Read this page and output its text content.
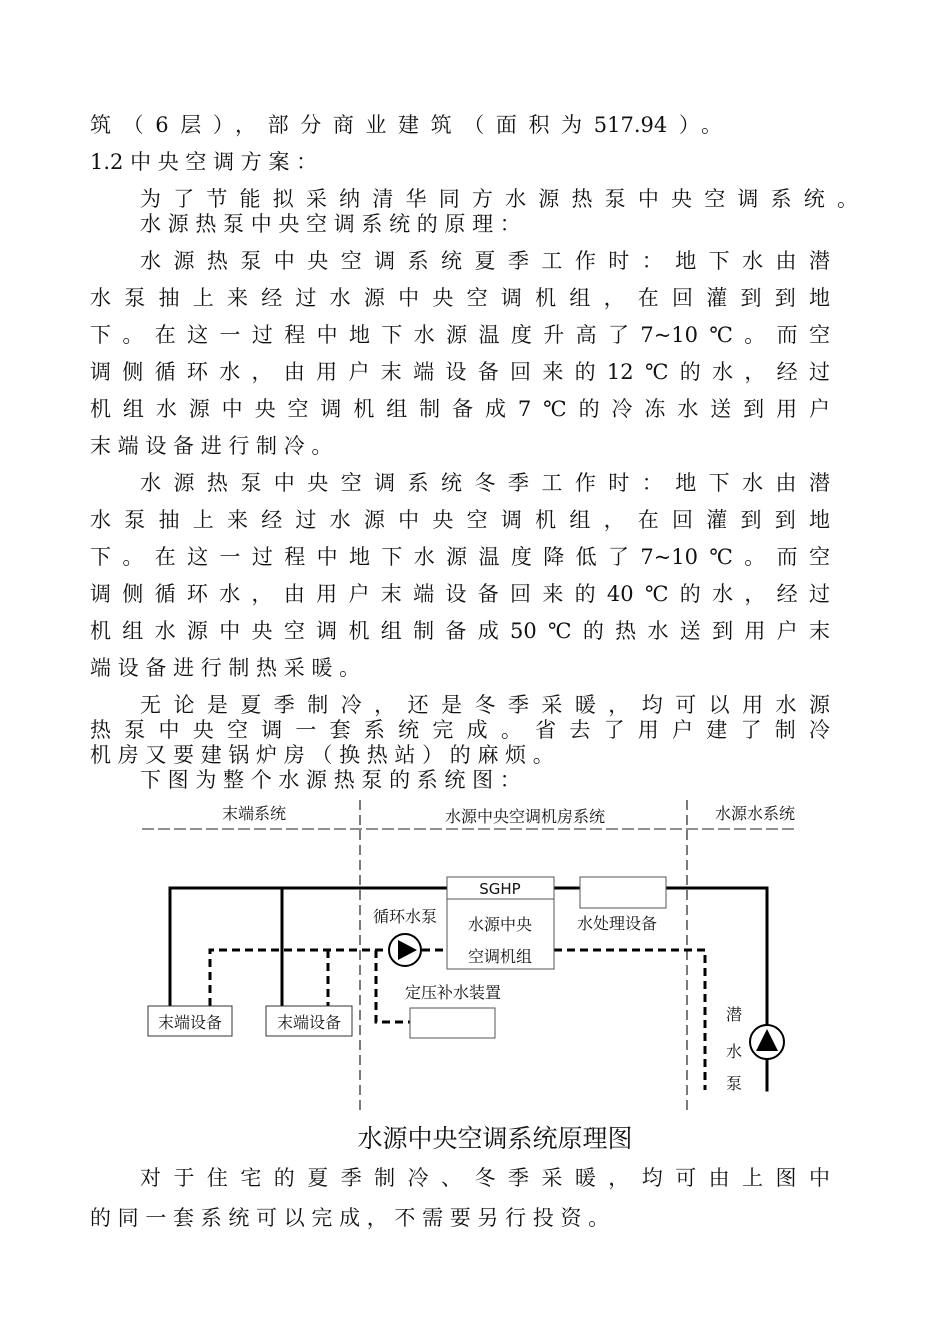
筑（6层），部分商业建筑（面积为517.94）。

1.2 中 央 空 调 方 案 ：

为了节能拟采纳清华同方水源热泵中央空调系统。

水 源 热 泵 中 央 空 调 系 统 的 原 理 ：

水源热泵中央空调系统夏季工作时：地下水由潜

水泵抽上来经过水源中央空调机组，在回灌到到地

下。在这一过程中地下水源温度升高了7~10℃。而空

调侧循环水，由用户末端设备回来的12℃的水，经过

机组水源中央空调机组制备成7℃的冷冻水送到用户

末 端 设 备 进 行 制 冷 。

水源热泵中央空调系统冬季工作时：地下水由潜

水泵抽上来经过水源中央空调机组，在回灌到到地

下。在这一过程中地下水源温度降低了7~10℃。而空

调侧循环水，由用户末端设备回来的40℃的水，经过

机组水源中央空调机组制备成50℃的热水送到用户末

端 设 备 进 行 制 热 采 暖 。

无论是夏季制冷，还是冬季采暖，均可以用水源

热泵中央空调一套系统完成。省去了用户建了制冷

机 房 又 要 建 锅 炉 房 （ 换 热 站 ） 的 麻 烦 。

下 图 为 整 个 水 源 热 泵 的 系 统 图 ：

末端系统	水源中央空调机房系统	水源水系统
SGHP
水源中央
空调机组
水处理设备
循环水泵
定压补水装置
末端设备	末端设备	潜
水
泵
水源中央空调系统原理图

对于住宅的夏季制冷、冬季采暖，均可由上图中

的 同 一 套 系 统 可 以 完 成 ， 不 需 要 另 行 投 资 。
